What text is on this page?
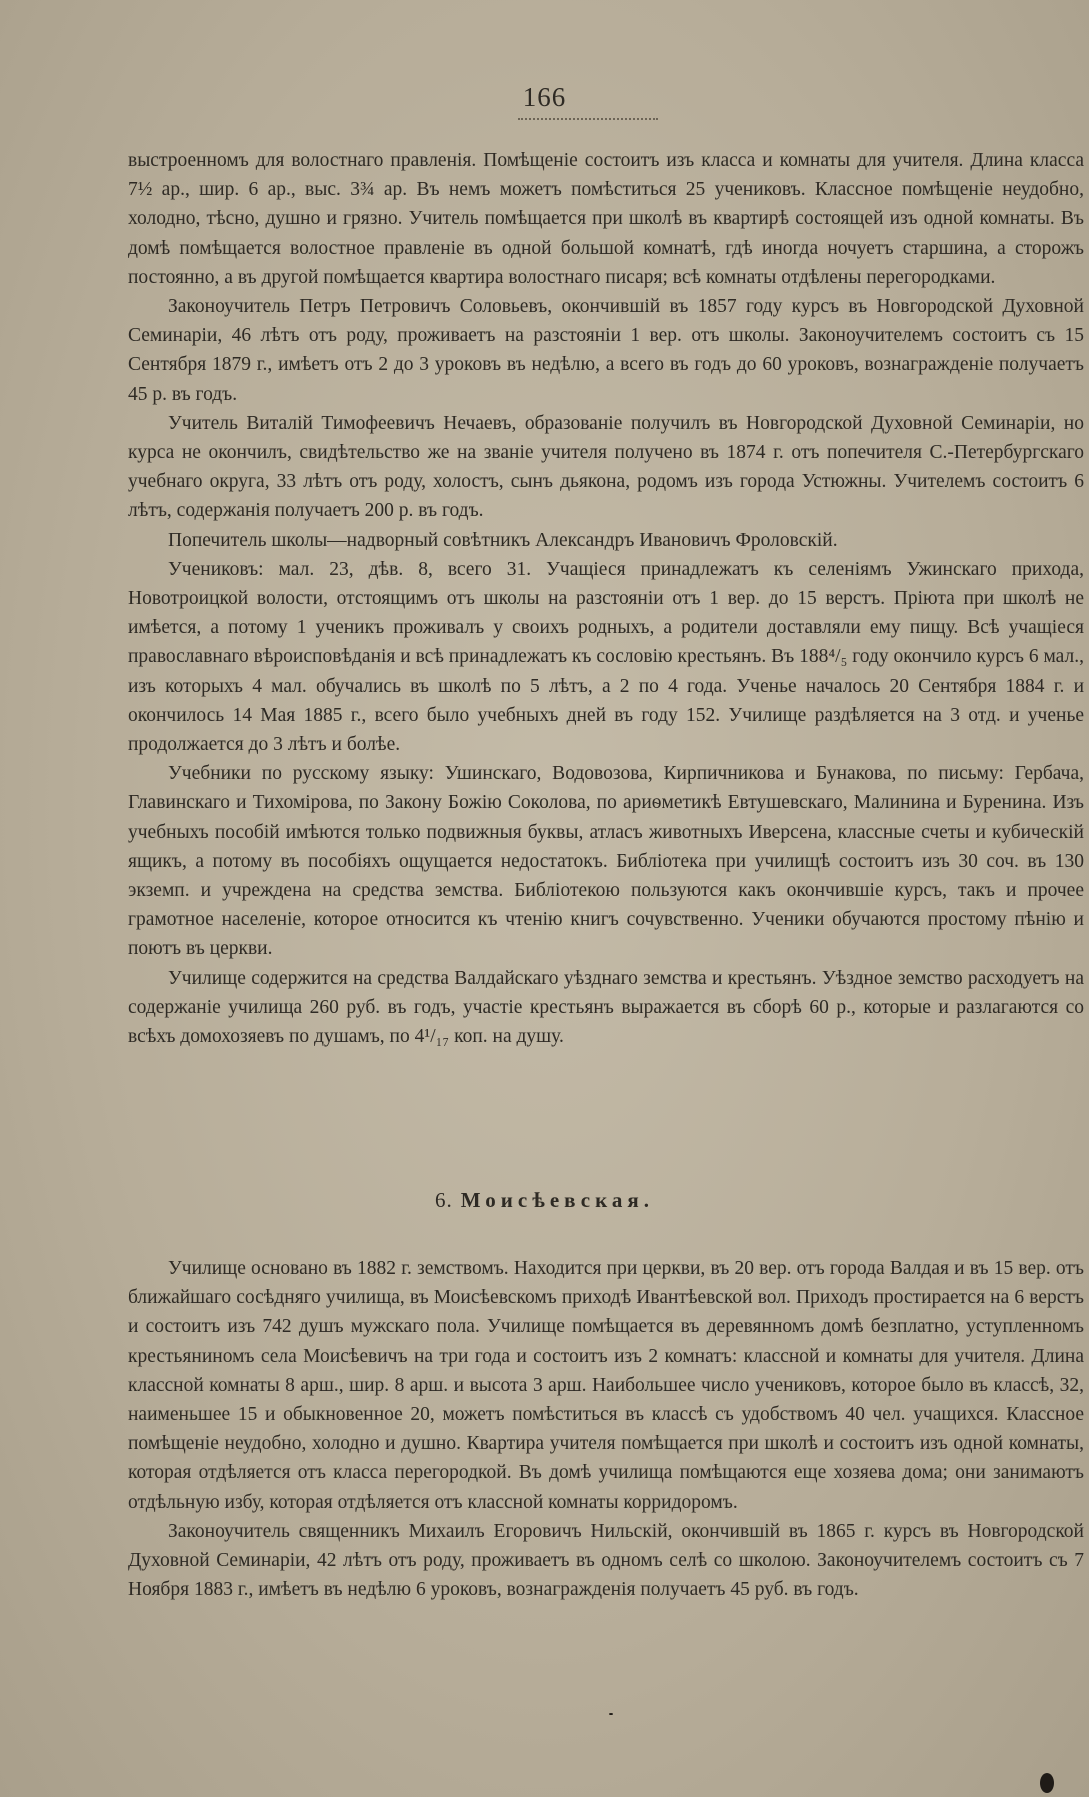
166

выстроенномъ для волостнаго правленія. Помѣщеніе состоитъ изъ класса и комнаты для учителя. Длина класса 7½ ар., шир. 6 ар., выс. 3¾ ар. Въ немъ можетъ помѣститься 25 учениковъ. Классное помѣщеніе неудобно, холодно, тѣсно, душно и грязно. Учитель помѣщается при школѣ въ квартирѣ состоящей изъ одной комнаты. Въ домѣ помѣщается волостное правленіе въ одной большой комнатѣ, гдѣ иногда ночуетъ старшина, а сторожъ постоянно, а въ другой помѣщается квартира волостнаго писаря; всѣ комнаты отдѣлены перегородками.

Законоучитель Петръ Петровичъ Соловьевъ, окончившій въ 1857 году курсъ въ Новгородской Духовной Семинаріи, 46 лѣтъ отъ роду, проживаетъ на разстояніи 1 вер. отъ школы. Законоучителемъ состоитъ съ 15 Сентября 1879 г., имѣетъ отъ 2 до 3 уроковъ въ недѣлю, а всего въ годъ до 60 уроковъ, вознагражденіе получаетъ 45 р. въ годъ.

Учитель Виталій Тимофеевичъ Нечаевъ, образованіе получилъ въ Новгородской Духовной Семинаріи, но курса не окончилъ, свидѣтельство же на званіе учителя получено въ 1874 г. отъ попечителя С.-Петербургскаго учебнаго округа, 33 лѣтъ отъ роду, холостъ, сынъ дьякона, родомъ изъ города Устюжны. Учителемъ состоитъ 6 лѣтъ, содержанія получаетъ 200 р. въ годъ.

Попечитель школы—надворный совѣтникъ Александръ Ивановичъ Фроловскій.

Учениковъ: мал. 23, дѣв. 8, всего 31. Учащіеся принадлежатъ къ селеніямъ Ужинскаго прихода, Новотроицкой волости, отстоящимъ отъ школы на разстояніи отъ 1 вер. до 15 верстъ. Пріюта при школѣ не имѣется, а потому 1 ученикъ проживалъ у своихъ родныхъ, а родители доставляли ему пищу. Всѣ учащіеся православнаго вѣроисповѣданія и всѣ принадлежатъ къ сословію крестьянъ. Въ 188⁴/₅ году окончило курсъ 6 мал., изъ которыхъ 4 мал. обучались въ школѣ по 5 лѣтъ, а 2 по 4 года. Ученье началось 20 Сентября 1884 г. и окончилось 14 Мая 1885 г., всего было учебныхъ дней въ году 152. Училище раздѣляется на 3 отд. и ученье продолжается до 3 лѣтъ и болѣе.

Учебники по русскому языку: Ушинскаго, Водовозова, Кирпичникова и Бунакова, по письму: Гербача, Главинскаго и Тихомірова, по Закону Божію Соколова, по ариѳметикѣ Евтушевскаго, Малинина и Буренина. Изъ учебныхъ пособій имѣются только подвижныя буквы, атласъ животныхъ Иверсена, классные счеты и кубическій ящикъ, а потому въ пособіяхъ ощущается недостатокъ. Библіотека при училищѣ состоитъ изъ 30 соч. въ 130 экземп. и учреждена на средства земства. Библіотекою пользуются какъ окончившіе курсъ, такъ и прочее грамотное населеніе, которое относится къ чтенію книгъ сочувственно. Ученики обучаются простому пѣнію и поютъ въ церкви.

Училище содержится на средства Валдайскаго уѣзднаго земства и крестьянъ. Уѣздное земство расходуетъ на содержаніе училища 260 руб. въ годъ, участіе крестьянъ выражается въ сборѣ 60 р., которые и разлагаются со всѣхъ домохозяевъ по душамъ, по 4¹/₁₇ коп. на душу.

6. Моисѣевская.

Училище основано въ 1882 г. земствомъ. Находится при церкви, въ 20 вер. отъ города Валдая и въ 15 вер. отъ ближайшаго сосѣдняго училища, въ Моисѣевскомъ приходѣ Ивантѣевской вол. Приходъ простирается на 6 верстъ и состоитъ изъ 742 душъ мужскаго пола. Училище помѣщается въ деревянномъ домѣ безплатно, уступленномъ крестьяниномъ села Моисѣевичъ на три года и состоитъ изъ 2 комнатъ: классной и комнаты для учителя. Длина классной комнаты 8 арш., шир. 8 арш. и высота 3 арш. Наибольшее число учениковъ, которое было въ классѣ, 32, наименьшее 15 и обыкновенное 20, можетъ помѣститься въ классѣ съ удобствомъ 40 чел. учащихся. Классное помѣщеніе неудобно, холодно и душно. Квартира учителя помѣщается при школѣ и состоитъ изъ одной комнаты, которая отдѣляется отъ класса перегородкой. Въ домѣ училища помѣщаются еще хозяева дома; они занимаютъ отдѣльную избу, которая отдѣляется отъ классной комнаты корридоромъ.

Законоучитель священникъ Михаилъ Егоровичъ Нильскій, окончившій въ 1865 г. курсъ въ Новгородской Духовной Семинаріи, 42 лѣтъ отъ роду, проживаетъ въ одномъ селѣ со школою. Законоучителемъ состоитъ съ 7 Ноября 1883 г., имѣетъ въ недѣлю 6 уроковъ, вознагражденія получаетъ 45 руб. въ годъ.
